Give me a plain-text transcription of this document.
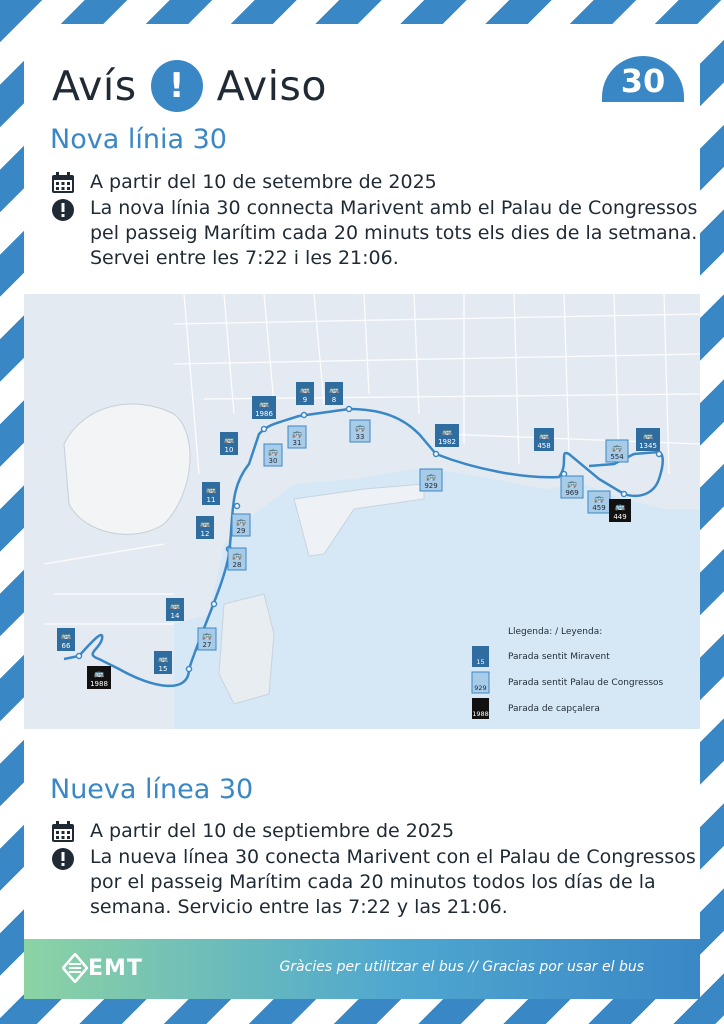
Avís ! Aviso	30
Nova línia 30
A partir del 10 de setembre de 2025
La nova línia 30 connecta Marivent amb el Palau de Congressos pel passeig Marítim cada 20 minuts tots els dies de la setmana. Servei entre les 7:22 i les 21:06.
🚌
1986
🚌
10
🚌
11
🚌
12
🚌
14
🚌
15
🚌
66
🚌
9
🚌
8
🚌
1982
🚌
458
🚌
1345
🚌
31
🚌
30
🚌
33
🚌
929
🚌
29
🚌
28
🚌
27
🚌
969
🚌
459
🚌
554
🚌
1988
🚌
449
Llegenda: / Leyenda:
15	Parada sentit Miravent
929 Parada sentit Palau de Congressos
1988 Parada de capçalera
Nueva línea 30
A partir del 10 de septiembre de 2025
La nueva línea 30 conecta Marivent con el Palau de Congressos por el passeig Marítim cada 20 minutos todos los días de la semana. Servicio entre las 7:22 y las 21:06.
EMT	Gràcies per utilitzar el bus // Gracias por usar el bus
